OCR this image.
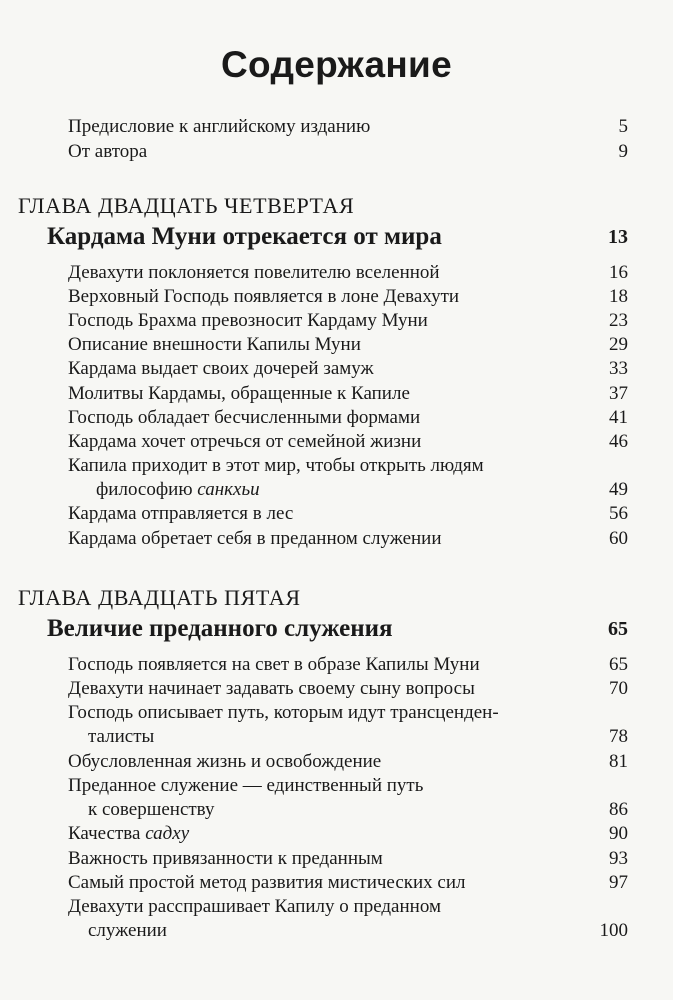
Содержание
Предисловие к английскому изданию	5
От автора	9
ГЛАВА ДВАДЦАТЬ ЧЕТВЕРТАЯ
Кардама Муни отрекается от мира	13
Девахути поклоняется повелителю вселенной	16
Верховный Господь появляется в лоне Девахути	18
Господь Брахма превозносит Кардаму Муни	23
Описание внешности Капилы Муни	29
Кардама выдает своих дочерей замуж	33
Молитвы Кардамы, обращенные к Капиле	37
Господь обладает бесчисленными формами	41
Кардама хочет отречься от семейной жизни	46
Капила приходит в этот мир, чтобы открыть людям
философию санкхьи	49
Кардама отправляется в лес	56
Кардама обретает себя в преданном служении	60
ГЛАВА ДВАДЦАТЬ ПЯТАЯ
Величие преданного служения	65
Господь появляется на свет в образе Капилы Муни	65
Девахути начинает задавать своему сыну вопросы	70
Господь описывает путь, которым идут трансценден-
талисты	78
Обусловленная жизнь и освобождение	81
Преданное служение — единственный путь
к совершенству	86
Качества садху	90
Важность привязанности к преданным	93
Самый простой метод развития мистических сил	97
Девахути расспрашивает Капилу о преданном
служении	100
